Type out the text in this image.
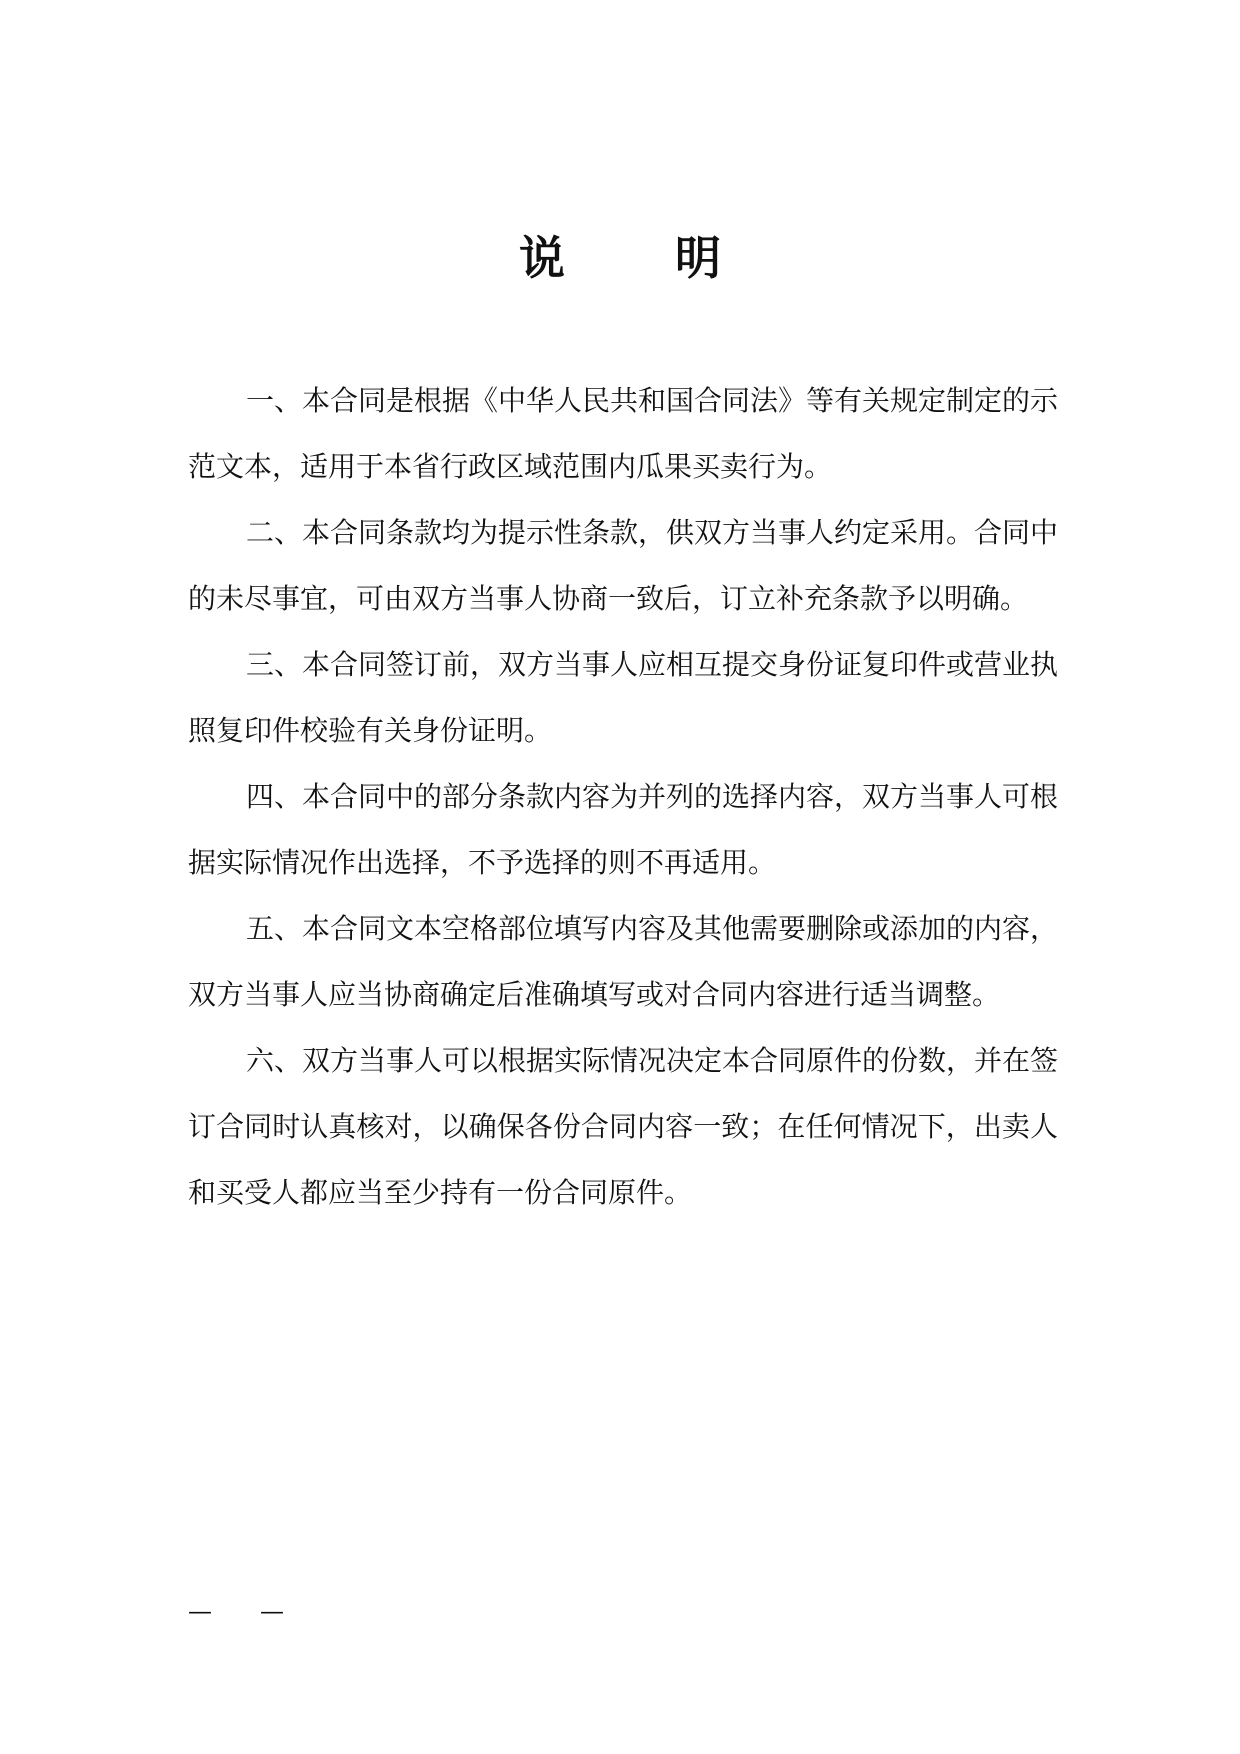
说　明

一、本合同是根据《中华人民共和国合同法》等有关规定制定的示范文本，适用于本省行政区域范围内瓜果买卖行为。

二、本合同条款均为提示性条款，供双方当事人约定采用。合同中的未尽事宜，可由双方当事人协商一致后，订立补充条款予以明确。

三、本合同签订前，双方当事人应相互提交身份证复印件或营业执照复印件校验有关身份证明。

四、本合同中的部分条款内容为并列的选择内容，双方当事人可根据实际情况作出选择，不予选择的则不再适用。

五、本合同文本空格部位填写内容及其他需要删除或添加的内容，双方当事人应当协商确定后准确填写或对合同内容进行适当调整。

六、双方当事人可以根据实际情况决定本合同原件的份数，并在签订合同时认真核对，以确保各份合同内容一致；在任何情况下，出卖人和买受人都应当至少持有一份合同原件。

—　　—
